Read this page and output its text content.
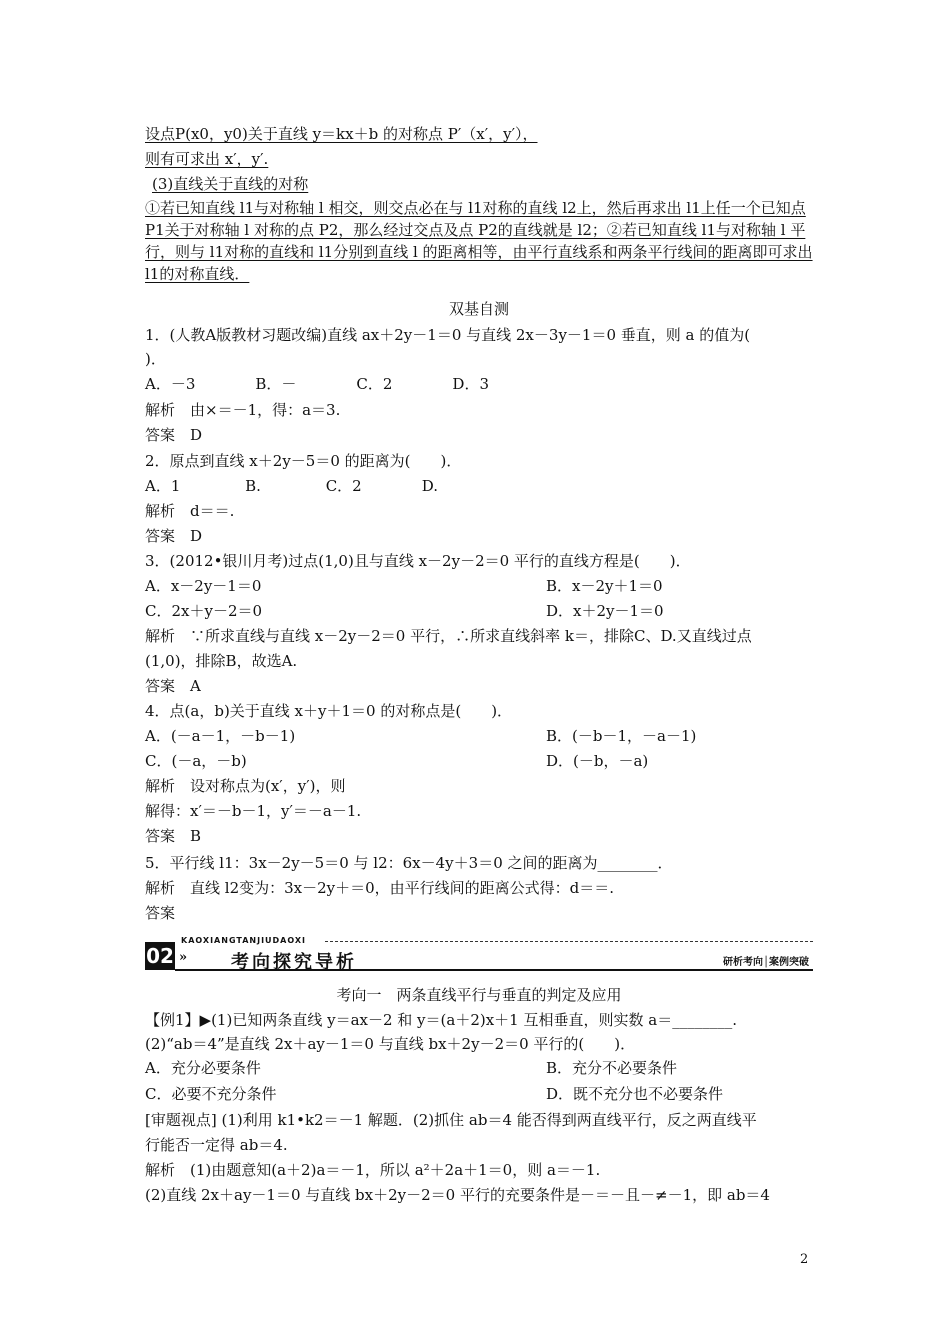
设点P(x0，y0)关于直线 y＝kx＋b 的对称点 P′（x′，y′），
则有可求出 x′，y′.
(3)直线关于直线的对称
①若已知直线 l1与对称轴 l 相交，则交点必在与 l1对称的直线 l2上，然后再求出 l1上任一个已知点 P1关于对称轴 l 对称的点 P2，那么经过交点及点 P2的直线就是 l2；②若已知直线 l1与对称轴 l 平行，则与 l1对称的直线和 l1分别到直线 l 的距离相等，由平行直线系和两条平行线间的距离即可求出 l1的对称直线．
双基自测
1．(人教A版教材习题改编)直线 ax＋2y－1＝0 与直线 2x－3y－1＝0 垂直，则 a 的值为(
)．
A．－3　　　　B．－　　　　C．2　　　　D．3
解析　由×＝－1，得：a＝3.
答案　D
2．原点到直线 x＋2y－5＝0 的距离为(　　)．
A．1　　　　 B.　　　　 C．2　　　　D.
解析　d＝＝.
答案　D
3．(2012•银川月考)过点(1,0)且与直线 x－2y－2＝0 平行的直线方程是(　　)．
A．x－2y－1＝0	B．x－2y＋1＝0
C．2x＋y－2＝0	D．x＋2y－1＝0
解析　∵所求直线与直线 x－2y－2＝0 平行，∴所求直线斜率 k＝，排除C、D.又直线过点
(1,0)，排除B，故选A.
答案　A
4．点(a，b)关于直线 x＋y＋1＝0 的对称点是(　　)．
A．(－a－1，－b－1)	B．(－b－1，－a－1)
C．(－a，－b)	D．(－b，－a)
解析　设对称点为(x′，y′)，则
解得：x′＝－b－1，y′＝－a－1.
答案　B
5．平行线 l1：3x－2y－5＝0 与 l2：6x－4y＋3＝0 之间的距离为________．
解析　直线 l2变为：3x－2y＋＝0，由平行线间的距离公式得：d＝＝.
答案
02
KAOXIANGTANJIUDAOXI
» 考向探究导析	研析考向│案例突破
考向一　两条直线平行与垂直的判定及应用
【例1】▶(1)已知两条直线 y＝ax－2 和 y＝(a＋2)x＋1 互相垂直，则实数 a＝________.
(2)“ab＝4”是直线 2x＋ay－1＝0 与直线 bx＋2y－2＝0 平行的(　　)．
A．充分必要条件	B．充分不必要条件
C．必要不充分条件	D．既不充分也不必要条件
[审题视点] (1)利用 k1•k2＝－1 解题．(2)抓住 ab＝4 能否得到两直线平行，反之两直线平
行能否一定得 ab＝4.
解析　(1)由题意知(a＋2)a＝－1，所以 a²＋2a＋1＝0，则 a＝－1.
(2)直线 2x＋ay－1＝0 与直线 bx＋2y－2＝0 平行的充要条件是－＝－且－≠－1，即 ab＝4
2
